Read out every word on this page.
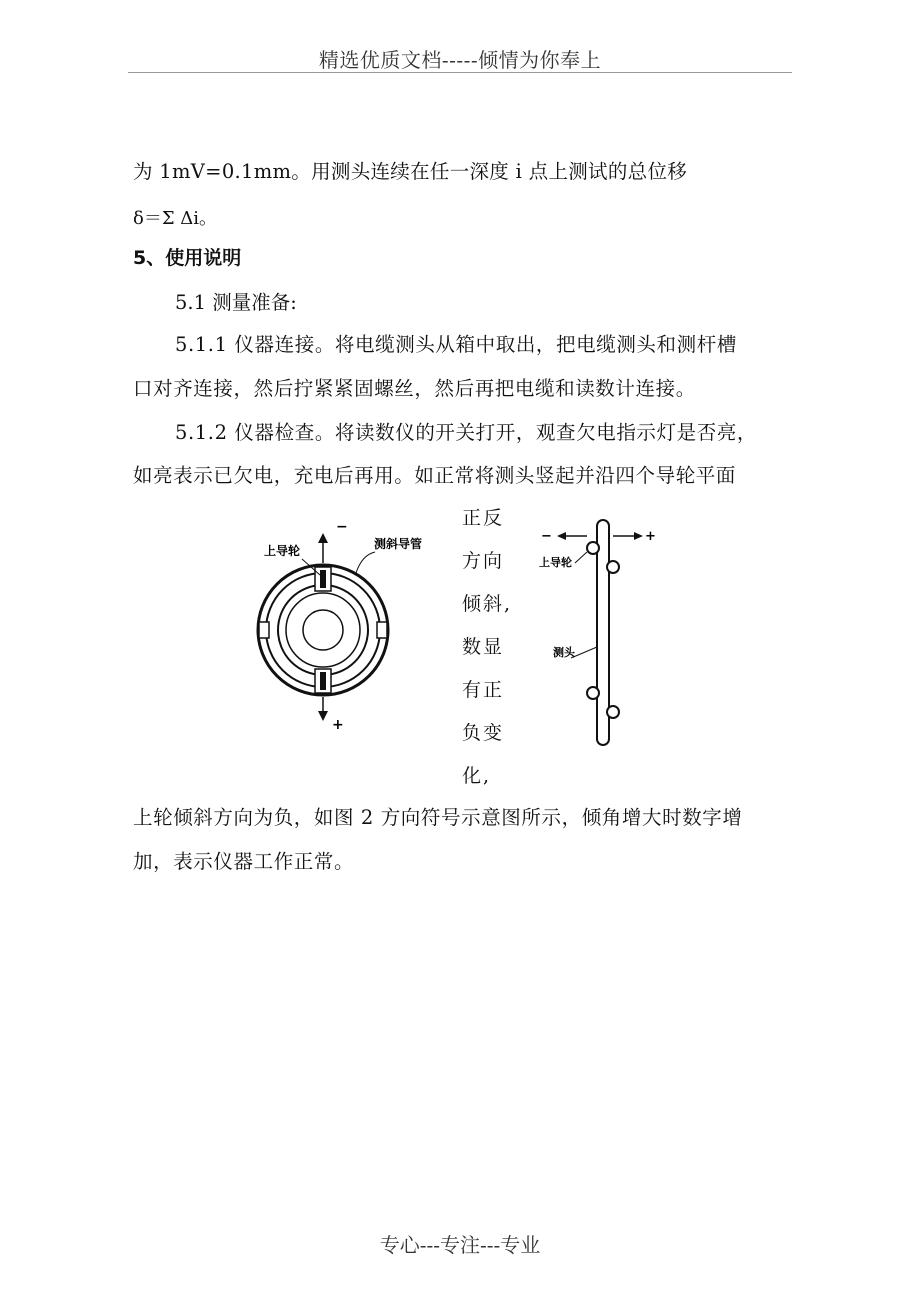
精选优质文档-----倾情为你奉上
为 1mV=0.1mm。用测头连续在任一深度 i 点上测试的总位移
δ＝Σ Δi。
5、使用说明
5.1 测量准备:
5.1.1 仪器连接。将电缆测头从箱中取出，把电缆测头和测杆槽
口对齐连接，然后拧紧紧固螺丝，然后再把电缆和读数计连接。
5.1.2 仪器检查。将读数仪的开关打开，观查欠电指示灯是否亮，
如亮表示已欠电，充电后再用。如正常将测头竖起并沿四个导轮平面
−
+
上导轮	测斜导管
正反
方向
倾斜,
数显
有正
负变
化,
−	+
上导轮
测头
上轮倾斜方向为负，如图 2 方向符号示意图所示，倾角增大时数字增
加，表示仪器工作正常。
专心---专注---专业
